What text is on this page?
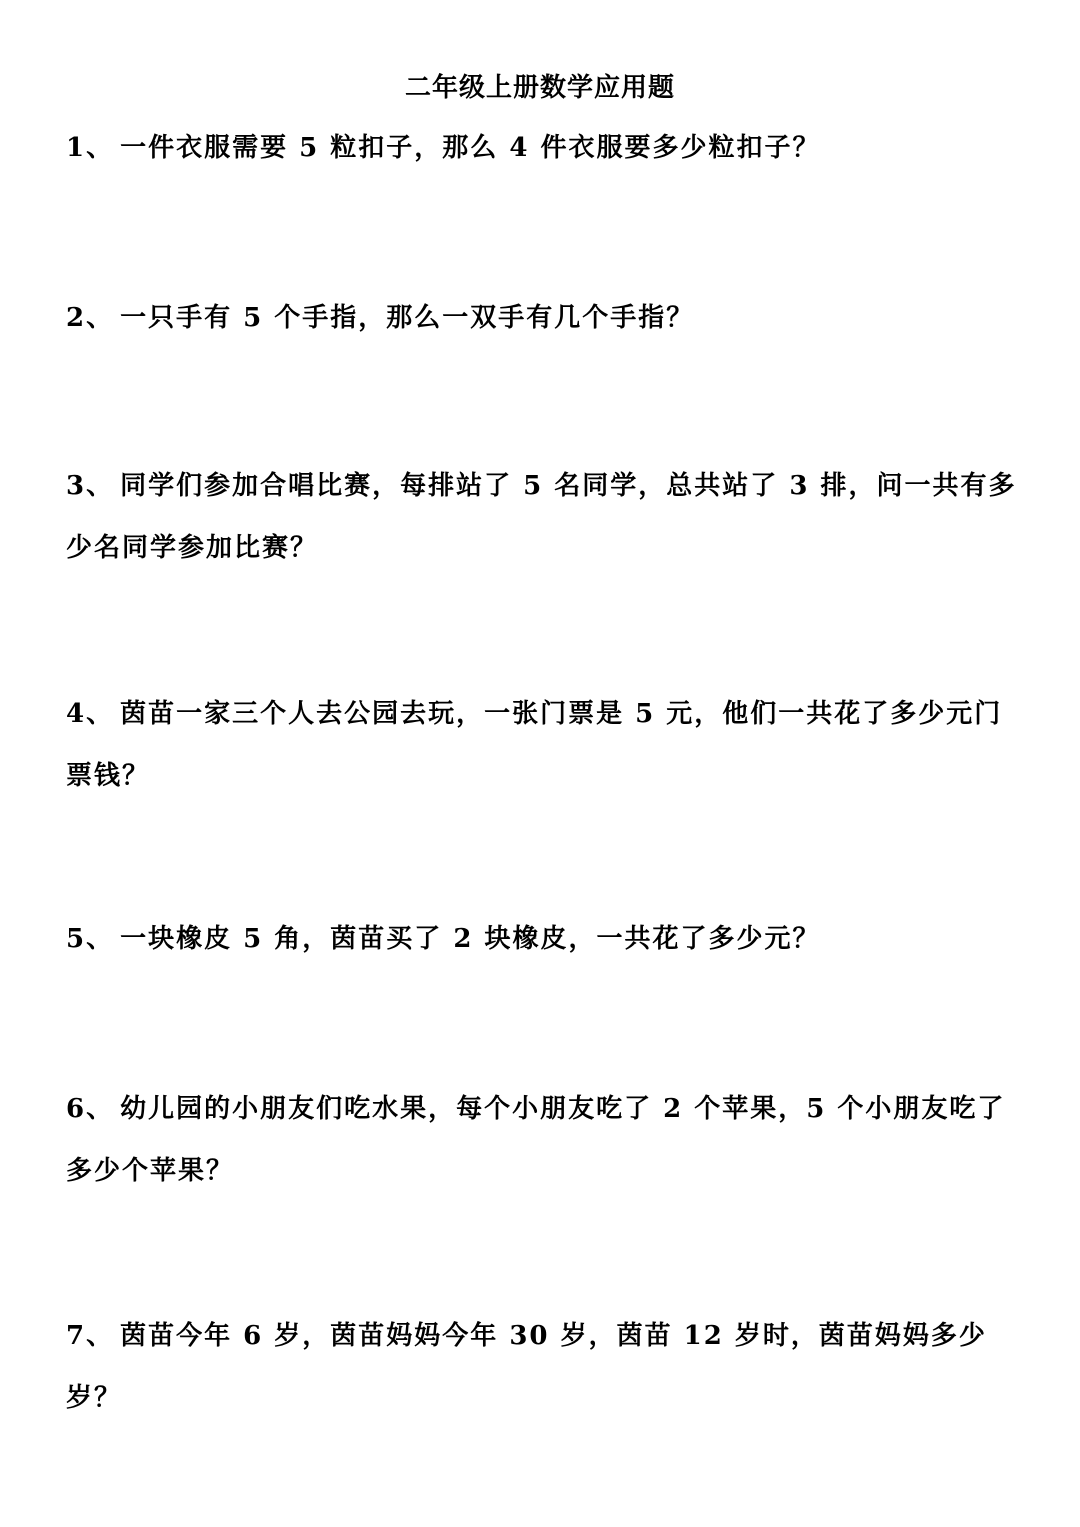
二年级上册数学应用题
1、 一件衣服需要 5 粒扣子，那么 4 件衣服要多少粒扣子？
2、 一只手有 5 个手指，那么一双手有几个手指？
3、 同学们参加合唱比赛，每排站了 5 名同学，总共站了 3 排，问一共有多少名同学参加比赛？
4、 茵苗一家三个人去公园去玩，一张门票是 5 元，他们一共花了多少元门票钱？
5、 一块橡皮 5 角，茵苗买了 2 块橡皮，一共花了多少元？
6、 幼儿园的小朋友们吃水果，每个小朋友吃了 2 个苹果，5 个小朋友吃了多少个苹果？
7、 茵苗今年 6 岁，茵苗妈妈今年 30 岁，茵苗 12 岁时，茵苗妈妈多少岁？
